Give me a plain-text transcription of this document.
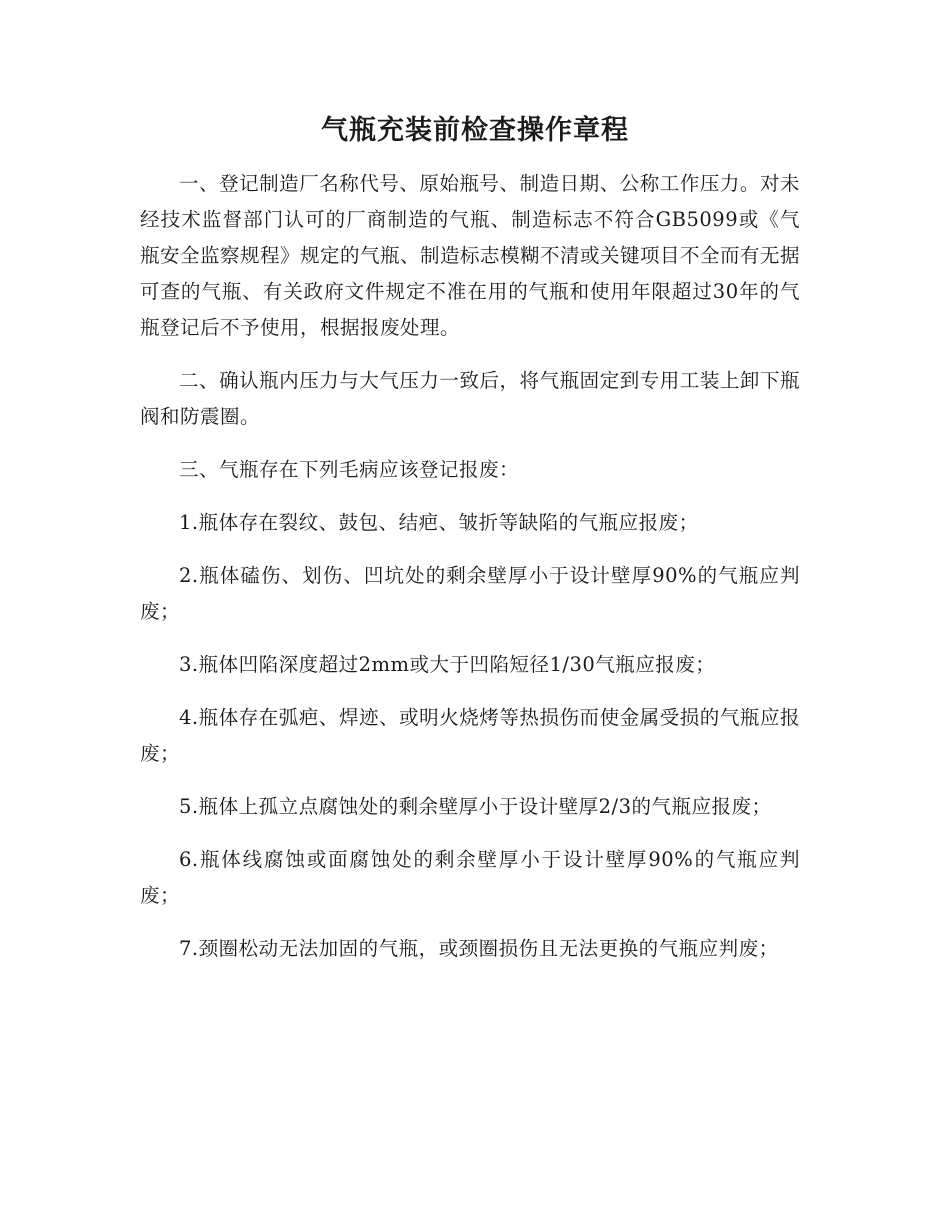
气瓶充装前检查操作章程

一、登记制造厂名称代号、原始瓶号、制造日期、公称工作压力。对未经技术监督部门认可的厂商制造的气瓶、制造标志不符合GB5099或《气瓶安全监察规程》规定的气瓶、制造标志模糊不清或关键项目不全而有无据可查的气瓶、有关政府文件规定不准在用的气瓶和使用年限超过30年的气瓶登记后不予使用，根据报废处理。

二、确认瓶内压力与大气压力一致后，将气瓶固定到专用工装上卸下瓶阀和防震圈。

三、气瓶存在下列毛病应该登记报废：

1.瓶体存在裂纹、鼓包、结疤、皱折等缺陷的气瓶应报废；

2.瓶体磕伤、划伤、凹坑处的剩余壁厚小于设计壁厚90%的气瓶应判废；

3.瓶体凹陷深度超过2mm或大于凹陷短径1/30气瓶应报废；

4.瓶体存在弧疤、焊迹、或明火烧烤等热损伤而使金属受损的气瓶应报废；

5.瓶体上孤立点腐蚀处的剩余壁厚小于设计壁厚2/3的气瓶应报废；

6.瓶体线腐蚀或面腐蚀处的剩余壁厚小于设计壁厚90%的气瓶应判废；

7.颈圈松动无法加固的气瓶，或颈圈损伤且无法更换的气瓶应判废；
